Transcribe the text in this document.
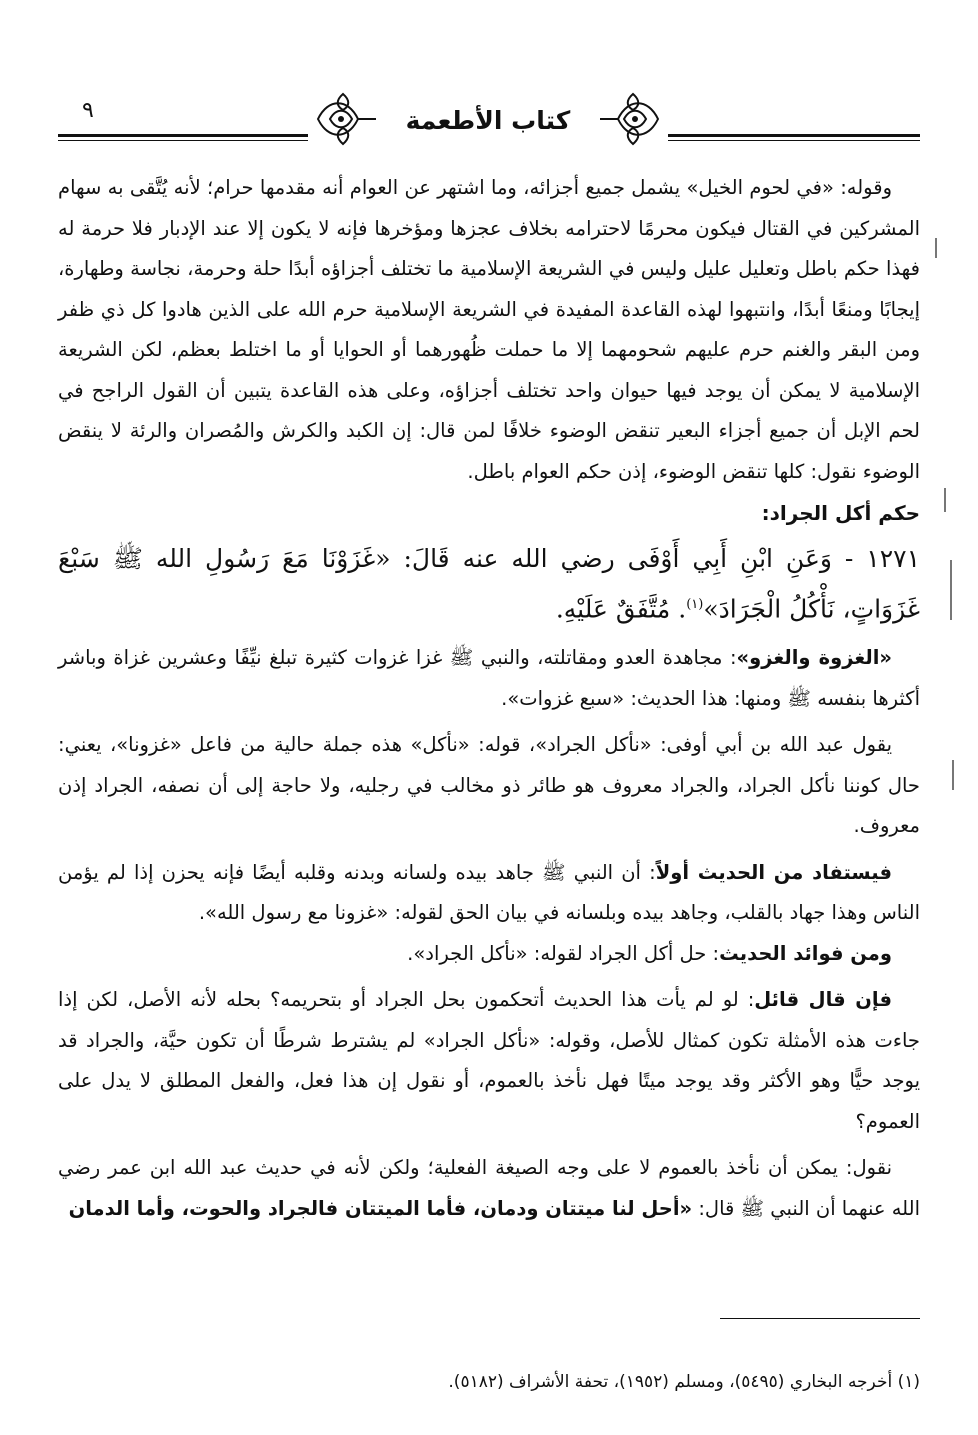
٩	كتاب الأطعمة

وقوله: «في لحوم الخيل» يشمل جميع أجزائه، وما اشتهر عن العوام أنه مقدمها حرام؛ لأنه يُتَّقى به سهام المشركين في القتال فيكون محرمًا لاحترامه بخلاف عجزها ومؤخرها فإنه لا يكون إلا عند الإدبار فلا حرمة له فهذا حكم باطل وتعليل عليل وليس في الشريعة الإسلامية ما تختلف أجزاؤه أبدًا حلة وحرمة، نجاسة وطهارة، إيجابًا ومنعًا أبدًا، وانتبهوا لهذه القاعدة المفيدة في الشريعة الإسلامية حرم الله على الذين هادوا كل ذي ظفر ومن البقر والغنم حرم عليهم شحومهما إلا ما حملت ظُهورهما أو الحوايا أو ما اختلط بعظم، لكن الشريعة الإسلامية لا يمكن أن يوجد فيها حيوان واحد تختلف أجزاؤه، وعلى هذه القاعدة يتبين أن القول الراجح في لحم الإبل أن جميع أجزاء البعير تنقض الوضوء خلافًا لمن قال: إن الكبد والكرش والمُصران والرئة لا ينقض الوضوء نقول: كلها تنقض الوضوء، إذن حكم العوام باطل.

حكم أكل الجراد:

١٢٧١ - وَعَنِ ابْنِ أَبِي أَوْفَى رضي الله عنه قَالَ: «غَزَوْنَا مَعَ رَسُولِ الله ﷺ سَبْعَ غَزَوَاتٍ، نَأْكُلُ الْجَرَادَ»$^{(١)}$. مُتَّفَقٌ عَلَيْهِ.

«الغزوة والغزو»: مجاهدة العدو ومقاتلته، والنبي ﷺ غزا غزوات كثيرة تبلغ نيِّفًا وعشرين غزاة وباشر أكثرها بنفسه ﷺ ومنها: هذا الحديث: «سبع غزوات».

يقول عبد الله بن أبي أوفى: «نأكل الجراد»، قوله: «نأكل» هذه جملة حالية من فاعل «غزونا»، يعني: حال كوننا نأكل الجراد، والجراد معروف هو طائر ذو مخالب في رجليه، ولا حاجة إلى أن نصفه، الجراد إذن معروف.

فيستفاد من الحديث أولاً: أن النبي ﷺ جاهد بيده ولسانه وبدنه وقلبه أيضًا فإنه يحزن إذا لم يؤمن الناس وهذا جهاد بالقلب، وجاهد بيده وبلسانه في بيان الحق لقوله: «غزونا مع رسول الله».

ومن فوائد الحديث: حل أكل الجراد لقوله: «نأكل الجراد».

فإن قال قائل: لو لم يأت هذا الحديث أتحكمون بحل الجراد أو بتحريمه؟ بحله لأنه الأصل، لكن إذا جاءت هذه الأمثلة تكون كمثال للأصل، وقوله: «نأكل الجراد» لم يشترط شرطًا أن تكون حيَّة، والجراد قد يوجد حيًّا وهو الأكثر وقد يوجد ميتًا فهل نأخذ بالعموم، أو نقول إن هذا فعل، والفعل المطلق لا يدل على العموم؟

نقول: يمكن أن نأخذ بالعموم لا على وجه الصيغة الفعلية؛ ولكن لأنه في حديث عبد الله ابن عمر رضي الله عنهما أن النبي ﷺ قال: «أحل لنا ميتتان ودمان، فأما الميتتان فالجراد والحوت، وأما الدمان

(١) أخرجه البخاري (٥٤٩٥)، ومسلم (١٩٥٢)، تحفة الأشراف (٥١٨٢).
